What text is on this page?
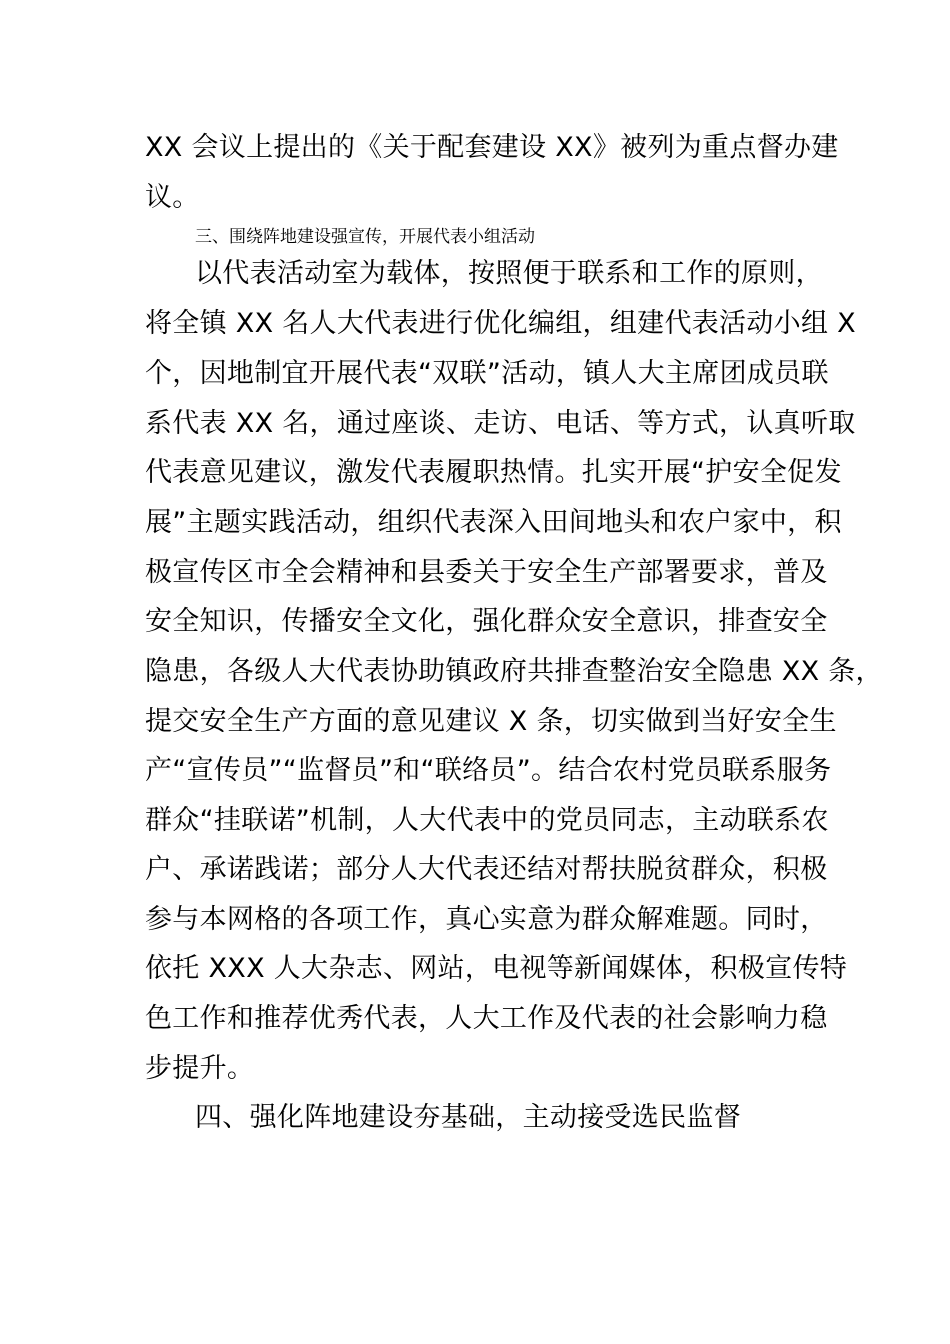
XX 会议上提出的《关于配套建设 XX》被列为重点督办建
议。
三、围绕阵地建设强宣传，开展代表小组活动
以代表活动室为载体，按照便于联系和工作的原则，
将全镇 XX 名人大代表进行优化编组，组建代表活动小组 X
个，因地制宜开展代表“双联”活动，镇人大主席团成员联
系代表 XX 名，通过座谈、走访、电话、等方式，认真听取
代表意见建议，激发代表履职热情。扎实开展“护安全促发
展”主题实践活动，组织代表深入田间地头和农户家中，积
极宣传区市全会精神和县委关于安全生产部署要求，普及
安全知识，传播安全文化，强化群众安全意识，排查安全
隐患，各级人大代表协助镇政府共排查整治安全隐患 XX 条，
提交安全生产方面的意见建议 X 条，切实做到当好安全生
产“宣传员”“监督员”和“联络员”。结合农村党员联系服务
群众“挂联诺”机制，人大代表中的党员同志，主动联系农
户、承诺践诺；部分人大代表还结对帮扶脱贫群众，积极
参与本网格的各项工作，真心实意为群众解难题。同时，
依托 XXX 人大杂志、网站，电视等新闻媒体，积极宣传特
色工作和推荐优秀代表，人大工作及代表的社会影响力稳
步提升。
四、强化阵地建设夯基础，主动接受选民监督
